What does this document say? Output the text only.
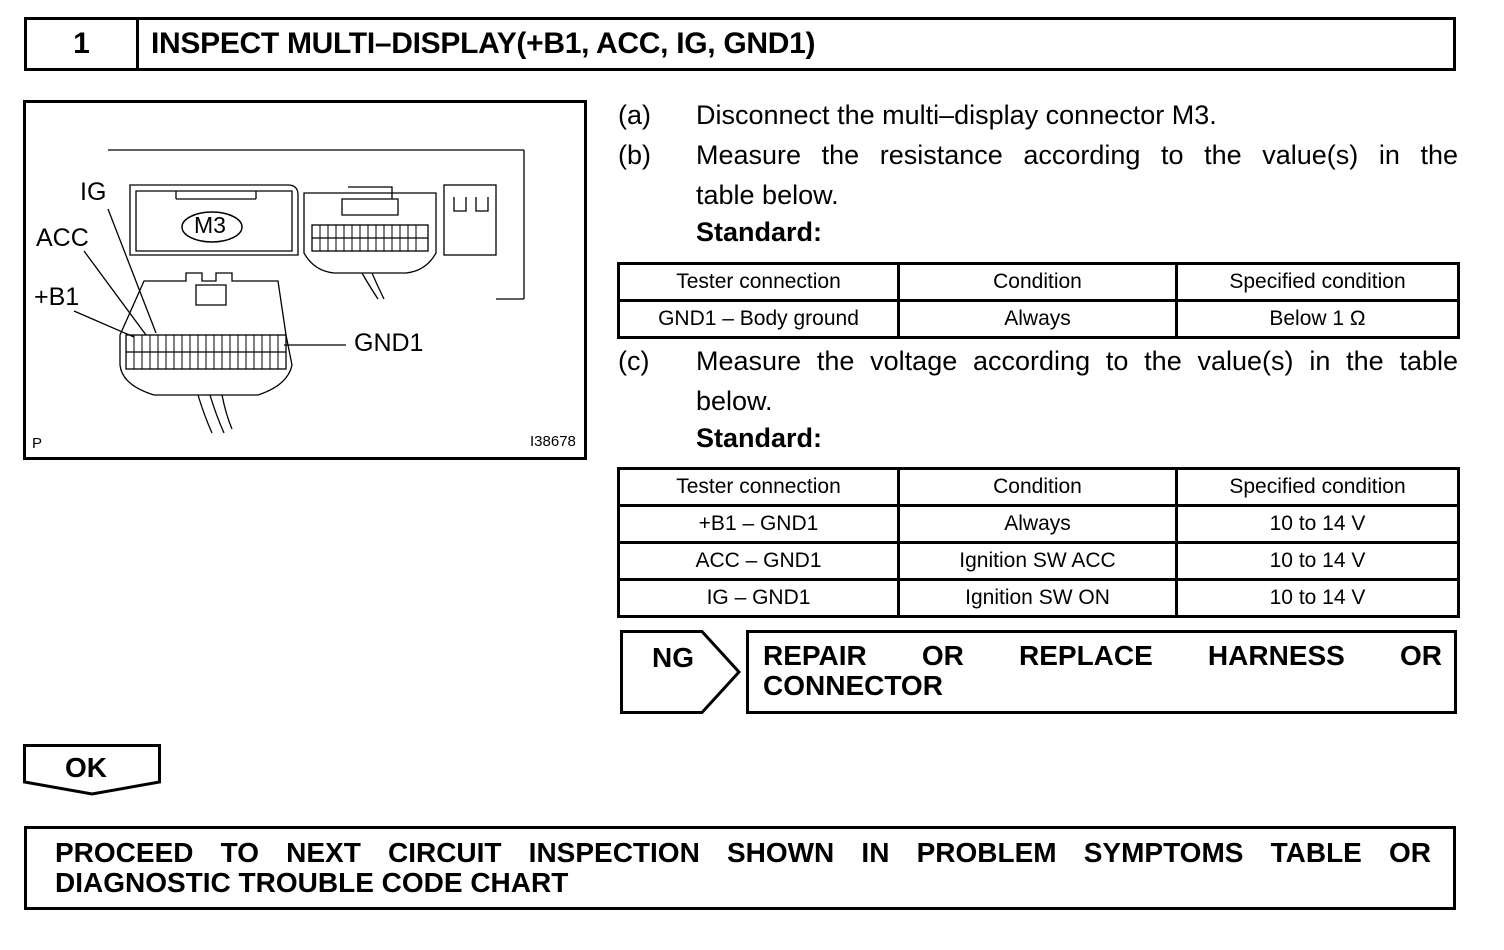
1	INSPECT MULTI–DISPLAY(+B1, ACC, IG, GND1)
M3
IG
ACC
+B1
GND1
P	I38678
(a)	Disconnect the multi–display connector M3.
(b)	Measure the resistance according to the value(s) in the
table below.
Standard:
Tester connection	Condition	Specified condition
GND1 – Body ground	Always	Below 1 Ω
(c)	Measure the voltage according to the value(s) in the table
below.
Standard:
Tester connection	Condition	Specified condition
+B1 – GND1	Always	10 to 14 V
ACC – GND1	Ignition SW ACC	10 to 14 V
IG – GND1	Ignition SW ON	10 to 14 V
NG REPAIR OR REPLACE HARNESS OR
CONNECTOR
OK
PROCEED TO NEXT CIRCUIT INSPECTION SHOWN IN PROBLEM SYMPTOMS TABLE OR
DIAGNOSTIC TROUBLE CODE CHART
